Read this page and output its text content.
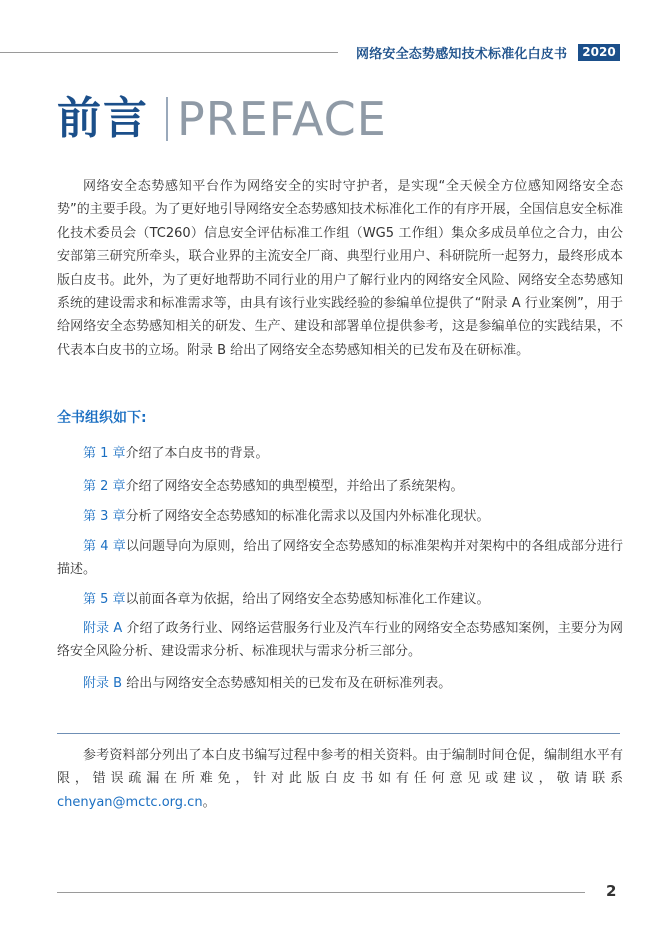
网络安全态势感知技术标准化白皮书	2020
前言 PREFACE

网络安全态势感知平台作为网络安全的实时守护者，是实现“全天候全方位感知网络安全态势”的主要手段。为了更好地引导网络安全态势感知技术标准化工作的有序开展，全国信息安全标准化技术委员会（TC260）信息安全评估标准工作组（WG5 工作组）集众多成员单位之合力，由公安部第三研究所牵头，联合业界的主流安全厂商、典型行业用户、科研院所一起努力，最终形成本版白皮书。此外，为了更好地帮助不同行业的用户了解行业内的网络安全风险、网络安全态势感知系统的建设需求和标准需求等，由具有该行业实践经验的参编单位提供了“附录 A 行业案例”，用于给网络安全态势感知相关的研发、生产、建设和部署单位提供参考，这是参编单位的实践结果，不代表本白皮书的立场。附录 B 给出了网络安全态势感知相关的已发布及在研标准。

全书组织如下:

第 1 章介绍了本白皮书的背景。

第 2 章介绍了网络安全态势感知的典型模型，并给出了系统架构。

第 3 章分析了网络安全态势感知的标准化需求以及国内外标准化现状。

第 4 章以问题导向为原则，给出了网络安全态势感知的标准架构并对架构中的各组成部分进行描述。

第 5 章以前面各章为依据，给出了网络安全态势感知标准化工作建议。

附录 A 介绍了政务行业、网络运营服务行业及汽车行业的网络安全态势感知案例，主要分为网络安全风险分析、建设需求分析、标准现状与需求分析三部分。

附录 B 给出与网络安全态势感知相关的已发布及在研标准列表。

参考资料部分列出了本白皮书编写过程中参考的相关资料。由于编制时间仓促，编制组水平有限，错误疏漏在所难免，针对此版白皮书如有任何意见或建议，敬请联系 chenyan@mctc.org.cn。

2
